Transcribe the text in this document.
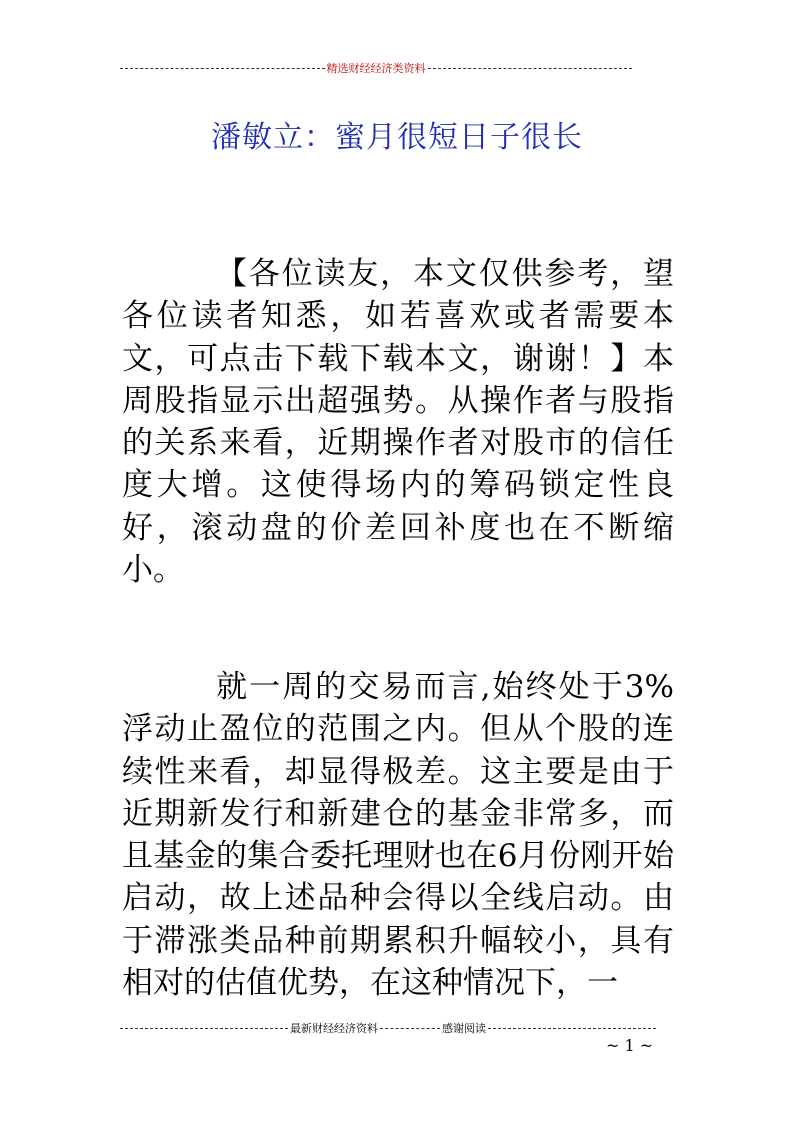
精选财经经济类资料
潘敏立：蜜月很短日子很长
【各位读友，本文仅供参考，望各位读者知悉，如若喜欢或者需要本文，可点击下载下载本文，谢谢！】本周股指显示出超强势。从操作者与股指的关系来看，近期操作者对股市的信任度大增。这使得场内的筹码锁定性良好，滚动盘的价差回补度也在不断缩小。
就一周的交易而言,始终处于3%浮动止盈位的范围之内。但从个股的连续性来看，却显得极差。这主要是由于近期新发行和新建仓的基金非常多，而且基金的集合委托理财也在6月份刚开始启动，故上述品种会得以全线启动。由于滞涨类品种前期累积升幅较小，具有相对的估值优势，在这种情况下，一
最新财经经济资料	感谢阅读
~ 1 ~
